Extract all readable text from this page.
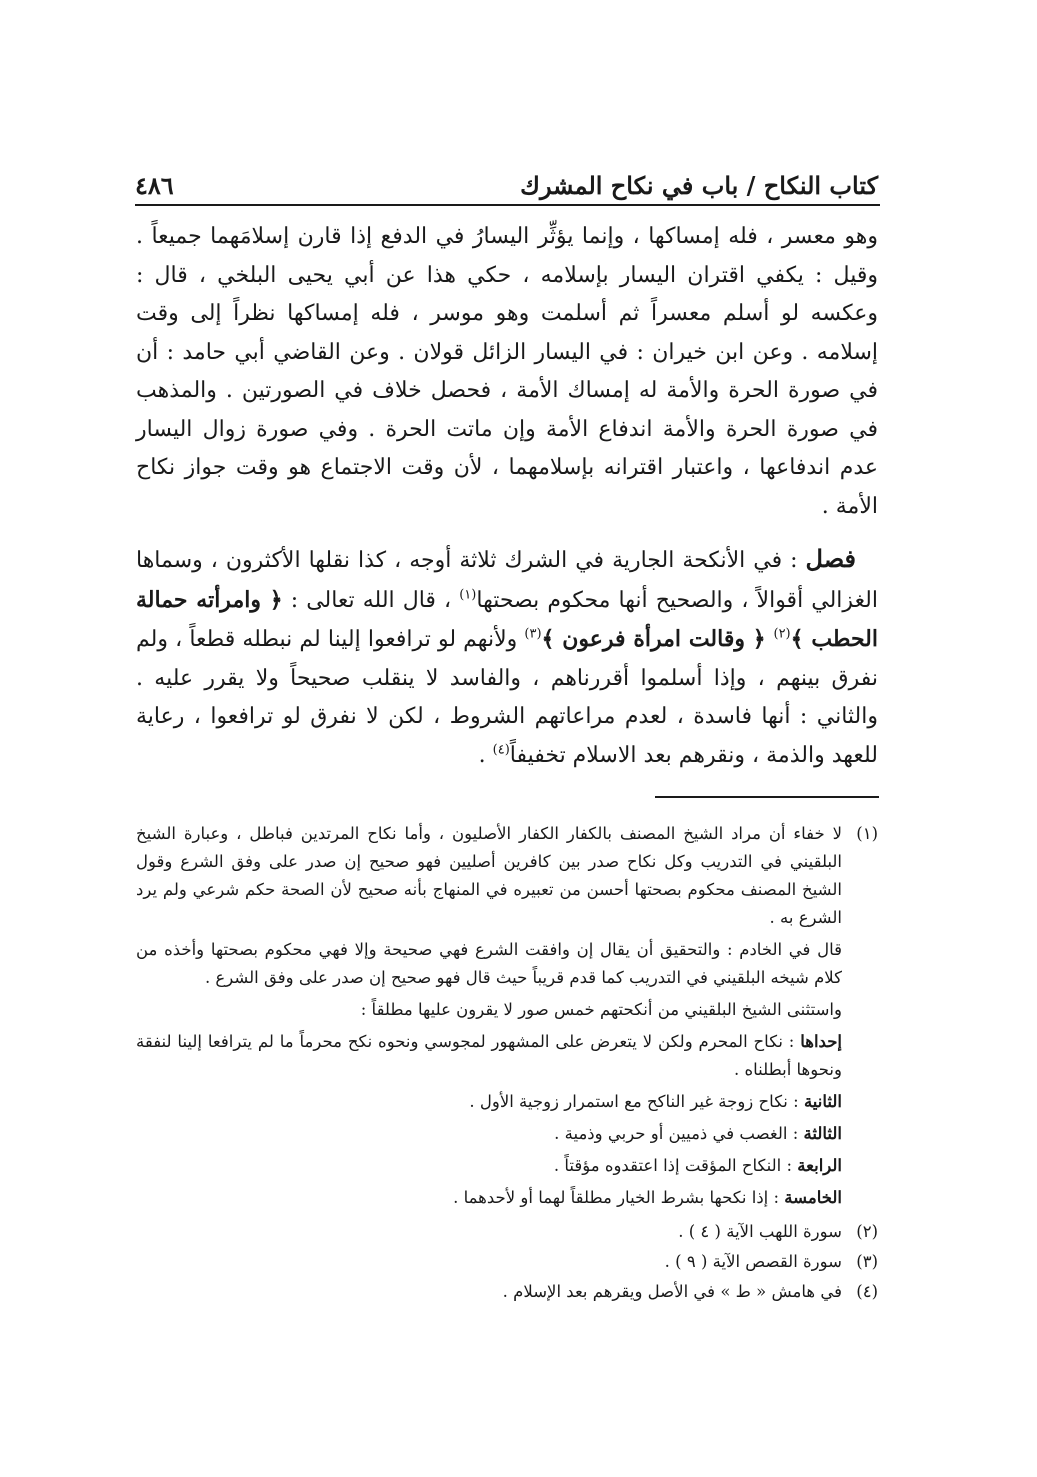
كتاب النكاح / باب في نكاح المشرك
٤٨٦

وهو معسر ، فله إمساكها ، وإنما يؤثِّر اليسارُ في الدفع إذا قارن إسلامَهما جميعاً . وقيل : يكفي اقتران اليسار بإسلامه ، حكي هذا عن أبي يحيى البلخي ، قال : وعكسه لو أسلم معسراً ثم أسلمت وهو موسر ، فله إمساكها نظراً إلى وقت إسلامه . وعن ابن خيران : في اليسار الزائل قولان . وعن القاضي أبي حامد : أن في صورة الحرة والأمة له إمساك الأمة ، فحصل خلاف في الصورتين . والمذهب في صورة الحرة والأمة اندفاع الأمة وإن ماتت الحرة . وفي صورة زوال اليسار عدم اندفاعها ، واعتبار اقترانه بإسلامهما ، لأن وقت الاجتماع هو وقت جواز نكاح الأمة .

فصل : في الأنكحة الجارية في الشرك ثلاثة أوجه ، كذا نقلها الأكثرون ، وسماها الغزالي أقوالاً ، والصحيح أنها محكوم بصحتها$^{(١)}$ ، قال الله تعالى : ﴿ وامرأته حمالة الحطب ﴾$^{(٢)}$ ﴿ وقالت امرأة فرعون ﴾$^{(٣)}$ ولأنهم لو ترافعوا إلينا لم نبطله قطعاً ، ولم نفرق بينهم ، وإذا أسلموا أقررناهم ، والفاسد لا ينقلب صحيحاً ولا يقرر عليه . والثاني : أنها فاسدة ، لعدم مراعاتهم الشروط ، لكن لا نفرق لو ترافعوا ، رعاية للعهد والذمة ، ونقرهم بعد الاسلام تخفيفاً$^{(٤)}$ .

(١)

لا خفاء أن مراد الشيخ المصنف بالكفار الكفار الأصليون ، وأما نكاح المرتدين فباطل ، وعبارة الشيخ البلقيني في التدريب وكل نكاح صدر بين كافرين أصليين فهو صحيح إن صدر على وفق الشرع وقول الشيخ المصنف محكوم بصحتها أحسن من تعبيره في المنهاج بأنه صحيح لأن الصحة حكم شرعي ولم يرد الشرع به .

قال في الخادم : والتحقيق أن يقال إن وافقت الشرع فهي صحيحة وإلا فهي محكوم بصحتها وأخذه من كلام شيخه البلقيني في التدريب كما قدم قريباً حيث قال فهو صحيح إن صدر على وفق الشرع .

واستثنى الشيخ البلقيني من أنكحتهم خمس صور لا يقرون عليها مطلقاً :

إحداها : نكاح المحرم ولكن لا يتعرض على المشهور لمجوسي ونحوه نكح محرماً ما لم يترافعا إلينا لنفقة ونحوها أبطلناه .

الثانية : نكاح زوجة غير الناكح مع استمرار زوجية الأول .

الثالثة : الغصب في ذميين أو حربي وذمية .

الرابعة : النكاح المؤقت إذا اعتقدوه مؤقتاً .

الخامسة : إذا نكحها بشرط الخيار مطلقاً لهما أو لأحدهما .

(٢)
سورة اللهب الآية ( ٤ ) .
(٣)
سورة القصص الآية ( ٩ ) .
(٤)
في هامش « ط » في الأصل ويقرهم بعد الإسلام .
